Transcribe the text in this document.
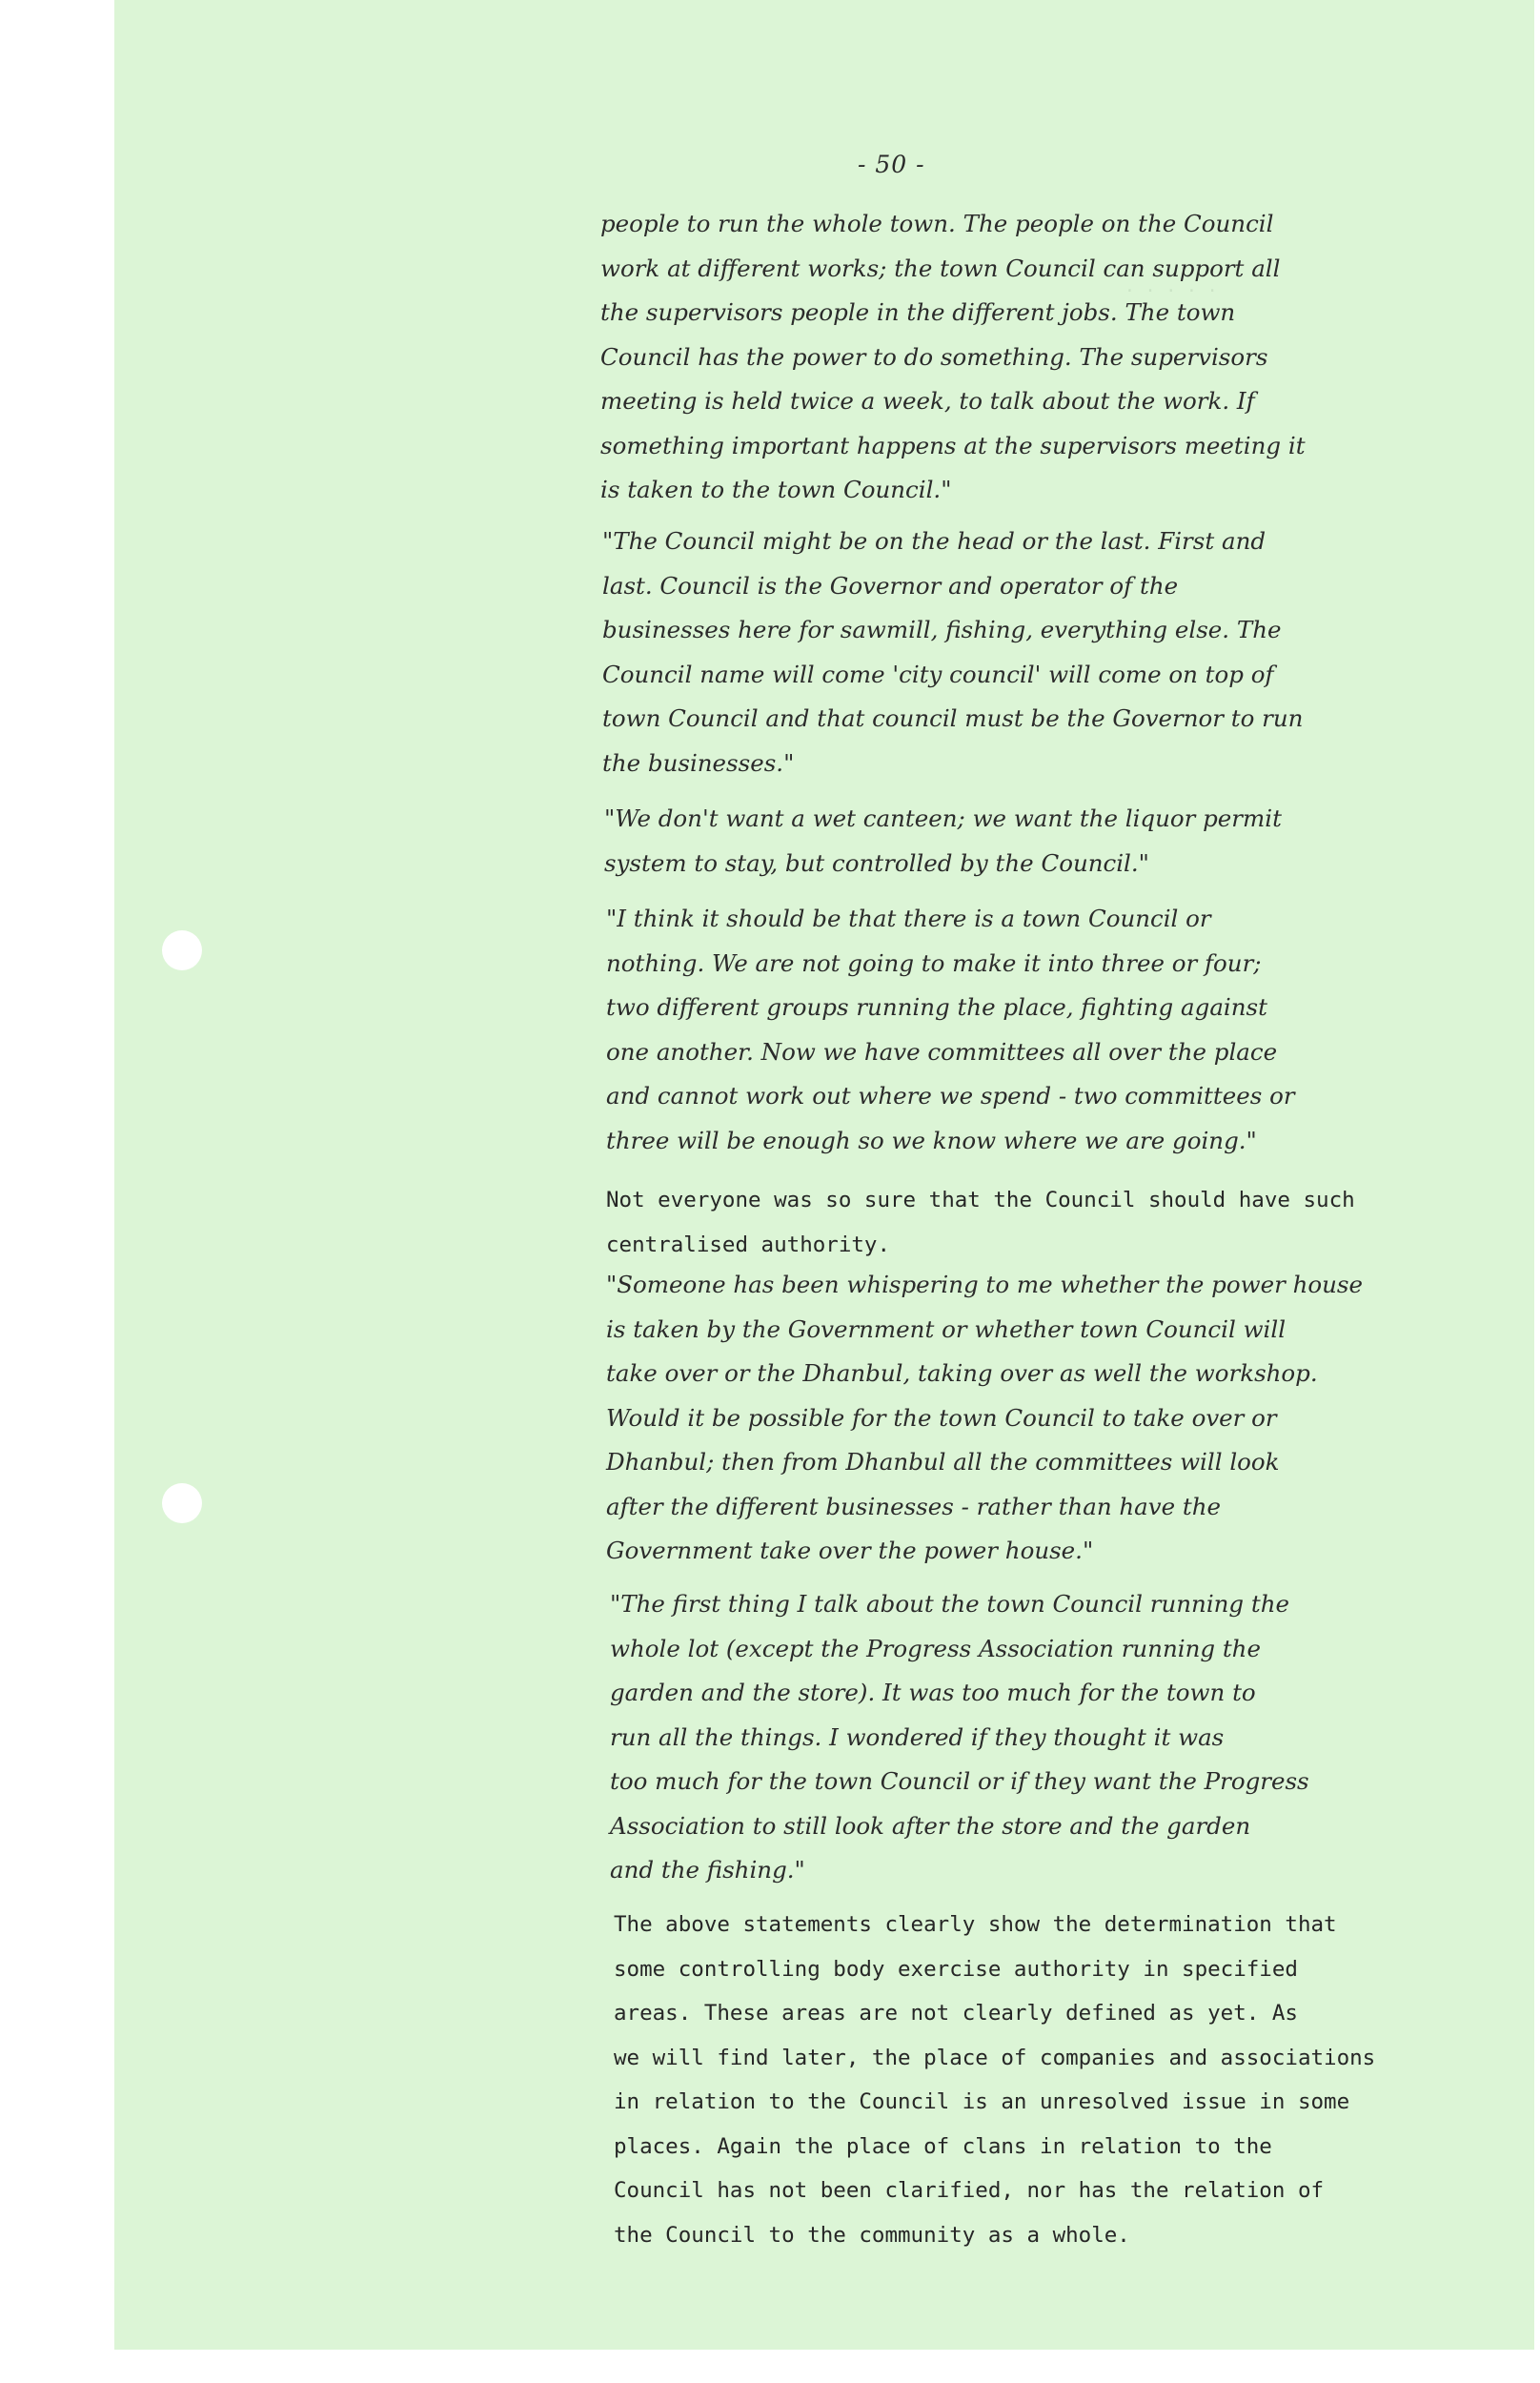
. . . . .
- 50 -

people to run the whole town. The people on the Council
work at different works; the town Council can support all
the supervisors people in the different jobs. The town
Council has the power to do something. The supervisors
meeting is held twice a week, to talk about the work. If
something important happens at the supervisors meeting it
is taken to the town Council."

"The Council might be on the head or the last. First and
last. Council is the Governor and operator of the
businesses here for sawmill, fishing, everything else. The
Council name will come 'city council' will come on top of
town Council and that council must be the Governor to run
the businesses."

"We don't want a wet canteen; we want the liquor permit
system to stay, but controlled by the Council."

"I think it should be that there is a town Council or
nothing. We are not going to make it into three or four;
two different groups running the place, fighting against
one another. Now we have committees all over the place
and cannot work out where we spend - two committees or
three will be enough so we know where we are going."

Not everyone was so sure that the Council should have such
centralised authority.

"Someone has been whispering to me whether the power house
is taken by the Government or whether town Council will
take over or the Dhanbul, taking over as well the workshop.
Would it be possible for the town Council to take over or
Dhanbul; then from Dhanbul all the committees will look
after the different businesses - rather than have the
Government take over the power house."

"The first thing I talk about the town Council running the
whole lot (except the Progress Association running the
garden and the store). It was too much for the town to
run all the things. I wondered if they thought it was
too much for the town Council or if they want the Progress
Association to still look after the store and the garden
and the fishing."

The above statements clearly show the determination that
some controlling body exercise authority in specified
areas. These areas are not clearly defined as yet. As
we will find later, the place of companies and associations
in relation to the Council is an unresolved issue in some
places. Again the place of clans in relation to the
Council has not been clarified, nor has the relation of
the Council to the community as a whole.
